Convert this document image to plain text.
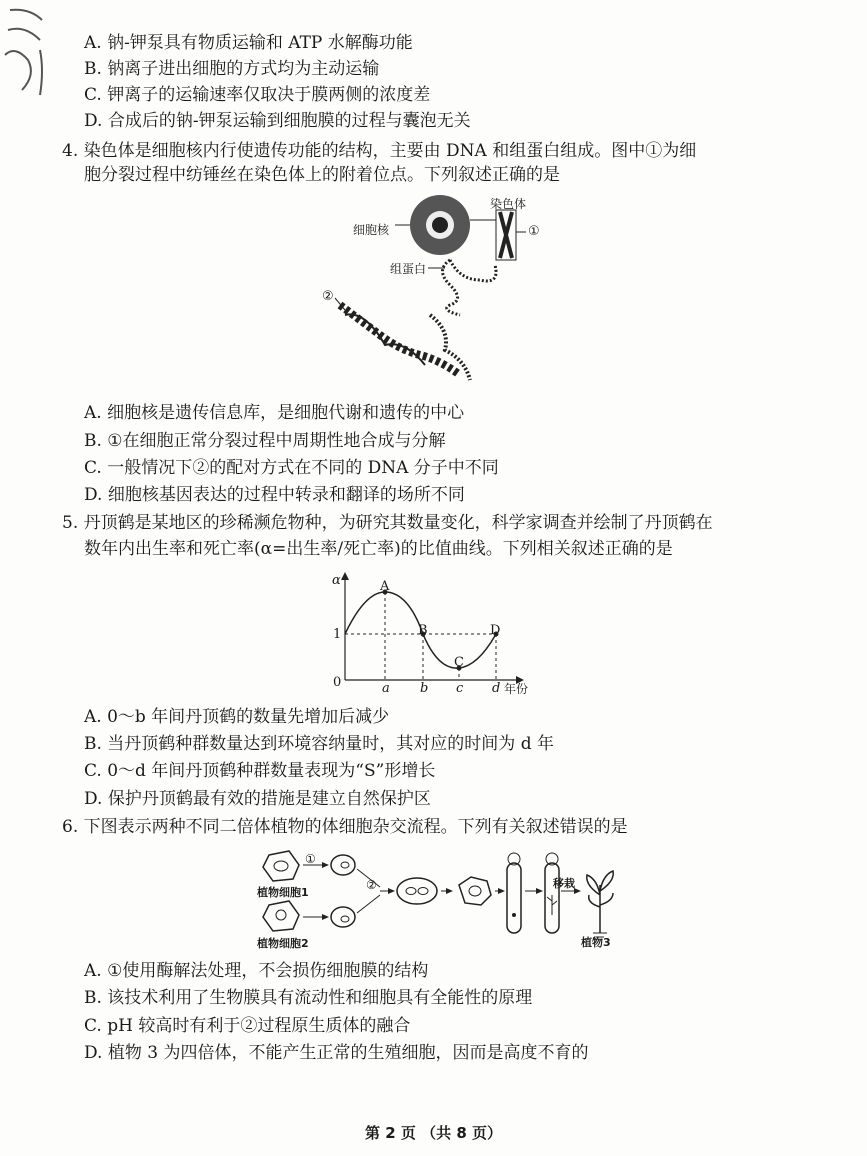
A. 钠-钾泵具有物质运输和 ATP 水解酶功能
B. 钠离子进出细胞的方式均为主动运输
C. 钾离子的运输速率仅取决于膜两侧的浓度差
D. 合成后的钠-钾泵运输到细胞膜的过程与囊泡无关
4. 染色体是细胞核内行使遗传功能的结构，主要由 DNA 和组蛋白组成。图中①为细
胞分裂过程中纺锤丝在染色体上的附着位点。下列叙述正确的是
细胞核
染色体
①
组蛋白
②
A. 细胞核是遗传信息库，是细胞代谢和遗传的中心
B. ①在细胞正常分裂过程中周期性地合成与分解
C. 一般情况下②的配对方式在不同的 DNA 分子中不同
D. 细胞核基因表达的过程中转录和翻译的场所不同
5. 丹顶鹤是某地区的珍稀濒危物种，为研究其数量变化，科学家调查并绘制了丹顶鹤在
数年内出生率和死亡率(α=出生率/死亡率)的比值曲线。下列相关叙述正确的是
α
1
0
A
B
C
D
a b c d 年份
A. 0～b 年间丹顶鹤的数量先增加后减少
B. 当丹顶鹤种群数量达到环境容纳量时，其对应的时间为 d 年
C. 0～d 年间丹顶鹤种群数量表现为“S”形增长
D. 保护丹顶鹤最有效的措施是建立自然保护区
6. 下图表示两种不同二倍体植物的体细胞杂交流程。下列有关叙述错误的是
植物细胞1
植物细胞2
①
②	移栽
植物3
A. ①使用酶解法处理，不会损伤细胞膜的结构
B. 该技术利用了生物膜具有流动性和细胞具有全能性的原理
C. pH 较高时有利于②过程原生质体的融合
D. 植物 3 为四倍体，不能产生正常的生殖细胞，因而是高度不育的
第 2 页 （共 8 页）
